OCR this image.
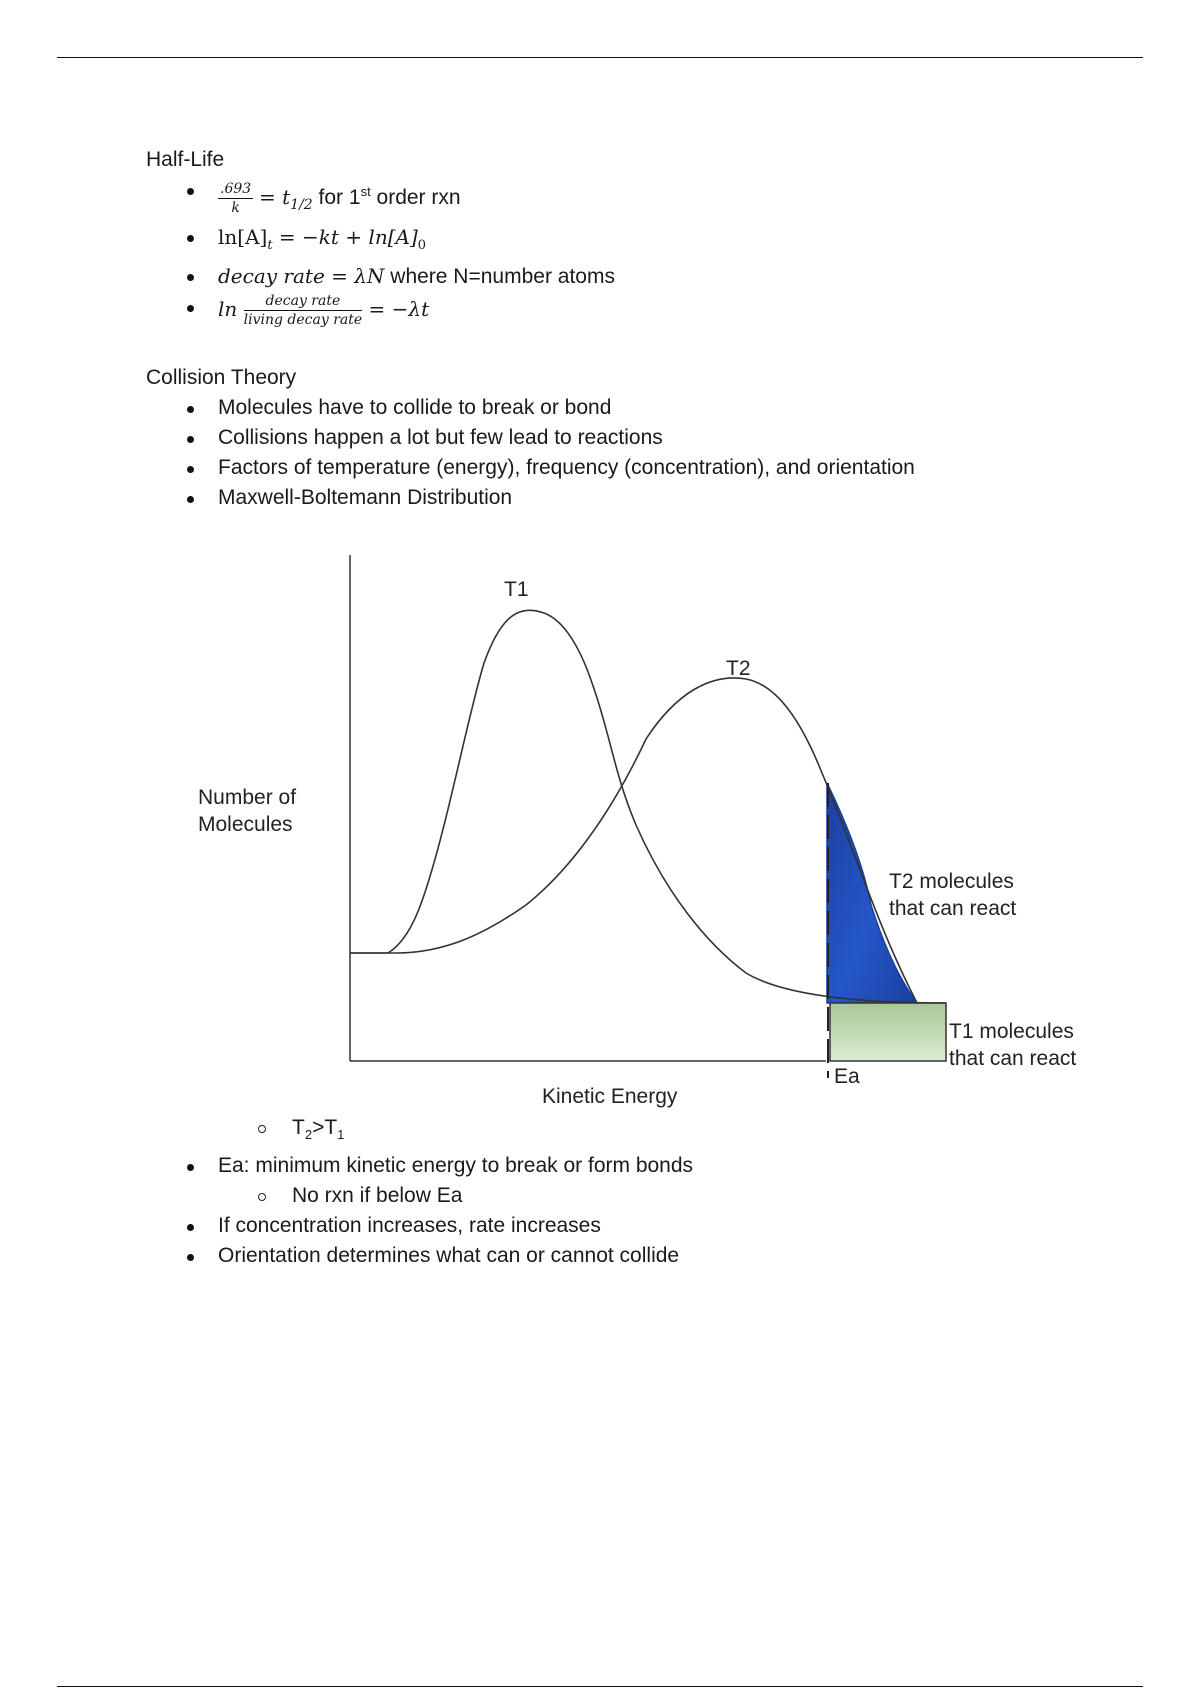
Half-Life
$\frac{.693}{k} = t_{1/2}$ for 1st order rxn
$\ln[A]_t = -kt + \ln[A]_0$
decay rate = λN where N=number atoms
$\ln \frac{\text{decay rate}}{\text{living decay rate}} = -\lambda t$
Collision Theory
Molecules have to collide to break or bond
Collisions happen a lot but few lead to reactions
Factors of temperature (energy), frequency (concentration), and orientation
Maxwell-Boltemann Distribution
T1
T2
Number of
Molecules
Ea
T2 molecules
that can react
T1 molecules
that can react
Kinetic Energy
$T_2>T_1$
Ea: minimum kinetic energy to break or form bonds
No rxn if below Ea
If concentration increases, rate increases
Orientation determines what can or cannot collide
